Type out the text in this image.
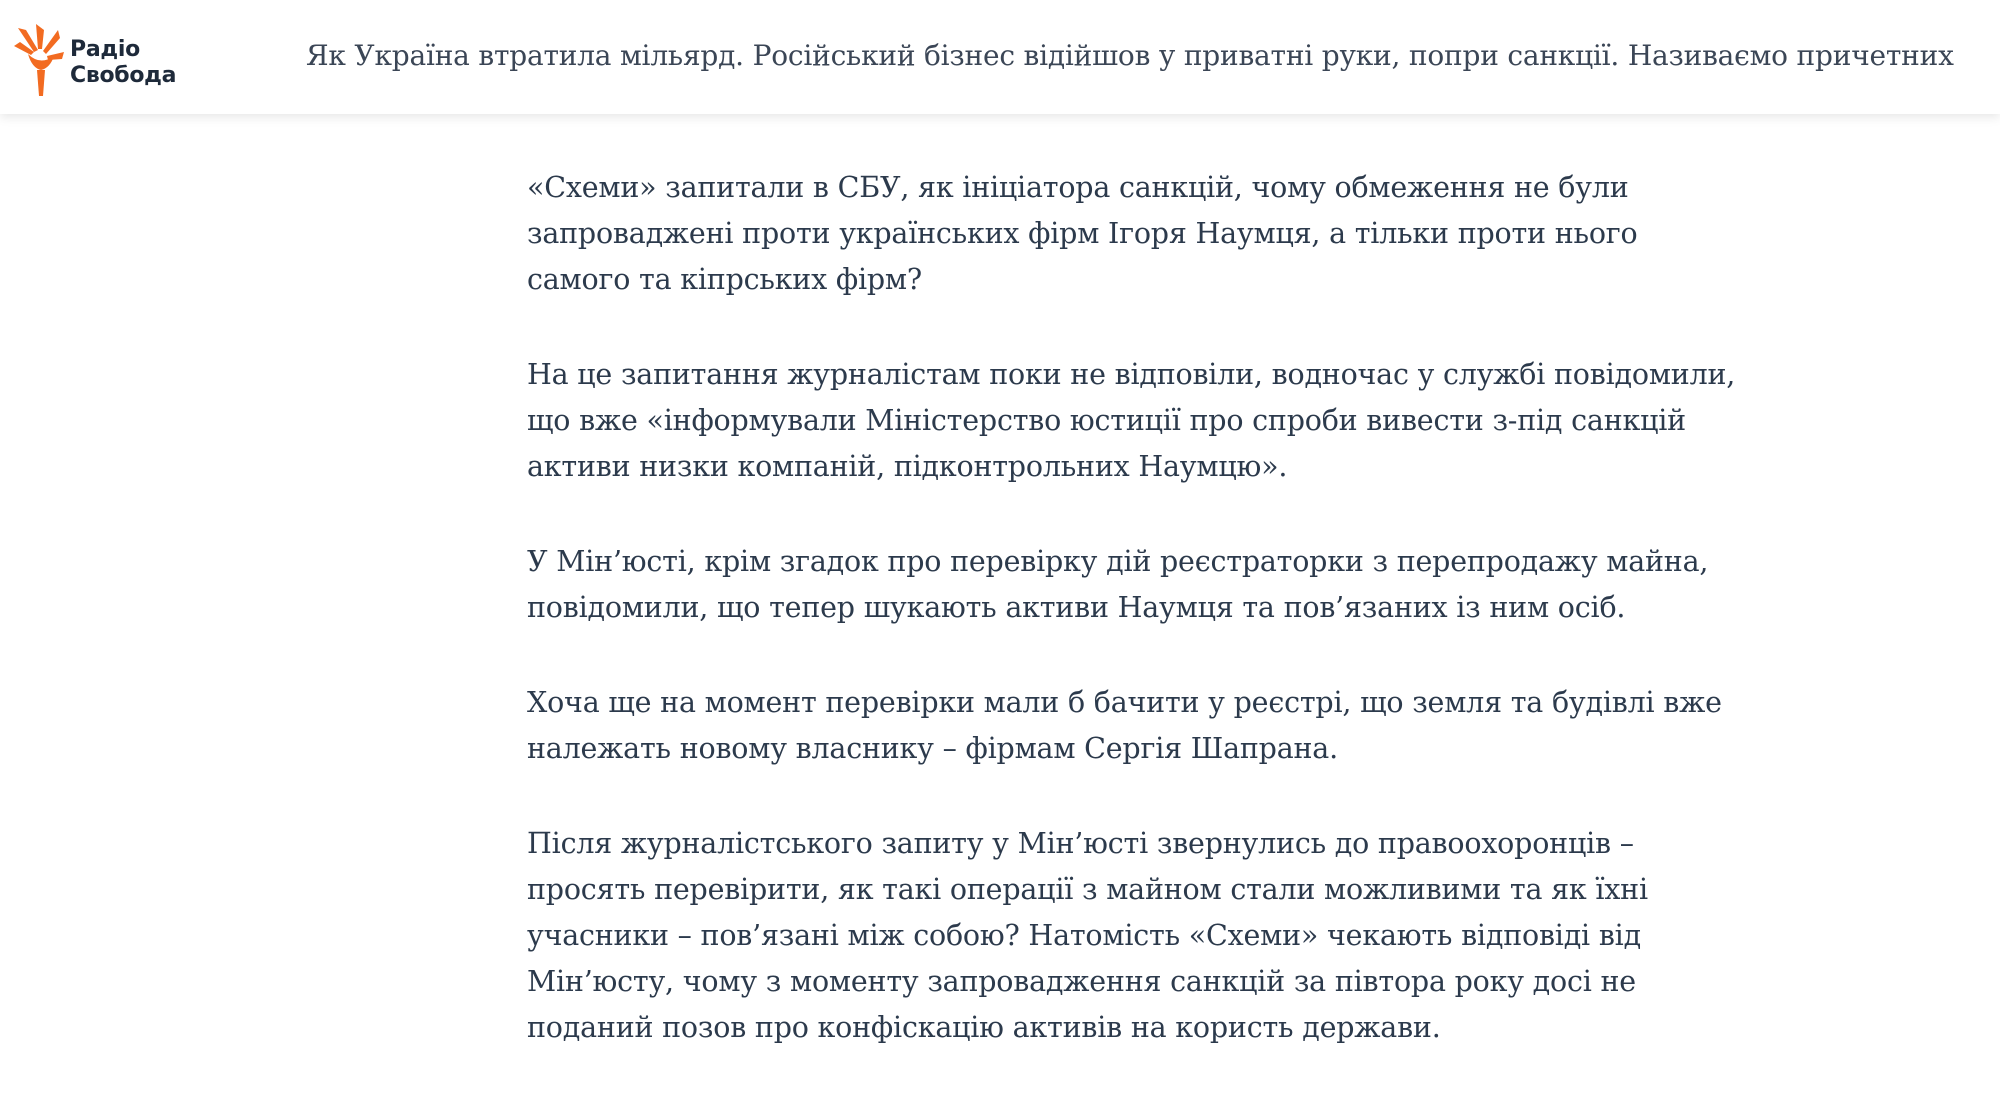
Радіо
Свобода
Як Україна втратила мільярд. Російський бізнес відійшов у приватні руки, попри санкції. Називаємо причетних

«Схеми» запитали в СБУ, як ініціатора санкцій, чому обмеження не були запроваджені проти українських фірм Ігоря Наумця, а тільки проти нього самого та кіпрських фірм?

На це запитання журналістам поки не відповіли, водночас у службі повідомили, що вже «інформували Міністерство юстиції про спроби вивести з-під санкцій активи низки компаній, підконтрольних Наумцю».

У Мін’юсті, крім згадок про перевірку дій реєстраторки з перепродажу майна, повідомили, що тепер шукають активи Наумця та пов’язаних із ним осіб.

Хоча ще на момент перевірки мали б бачити у реєстрі, що земля та будівлі вже належать новому власнику – фірмам Сергія Шапрана.

Після журналістського запиту у Мін’юсті звернулись до правоохоронців – просять перевірити, як такі операції з майном стали можливими та як їхні учасники – пов’язані між собою? Натомість «Схеми» чекають відповіді від Мін’юсту, чому з моменту запровадження санкцій за півтора року досі не поданий позов про конфіскацію активів на користь держави.
